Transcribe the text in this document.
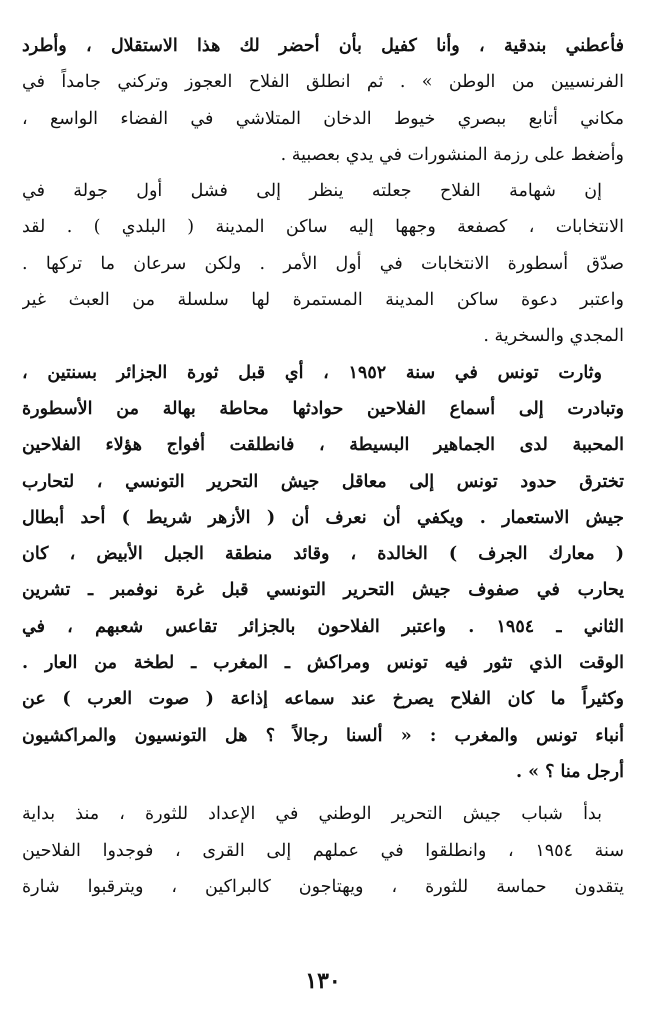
فأعطني بندقية ، وأنا كفيل بأن أحضر لك هذا الاستقلال ، وأطرد
الفرنسيين من الوطن » . ثم انطلق الفلاح العجوز وتركني جامداً في
مكاني أتابع ببصري خيوط الدخان المتلاشي في الفضاء الواسع ،
وأضغط على رزمة المنشورات في يدي بعصبية .
إن شهامة الفلاح جعلته ينظر إلى فشل أول جولة في
الانتخابات ، كصفعة وجهها إليه ساكن المدينة ( البلدي ) . لقد
صدّق أسطورة الانتخابات في أول الأمر . ولكن سرعان ما تركها .
واعتبر دعوة ساكن المدينة المستمرة لها سلسلة من العبث غير
المجدي والسخرية .
وثارت تونس في سنة ١٩٥٢ ، أي قبل ثورة الجزائر بسنتين ،
وتبادرت إلى أسماع الفلاحين حوادثها محاطة بهالة من الأسطورة
المحببة لدى الجماهير البسيطة ، فانطلقت أفواج هؤلاء الفلاحين
تخترق حدود تونس إلى معاقل جيش التحرير التونسي ، لتحارب
جيش الاستعمار . ويكفي أن نعرف أن ( الأزهر شريط ) أحد أبطال
( معارك الجرف ) الخالدة ، وقائد منطقة الجبل الأبيض ، كان
يحارب في صفوف جيش التحرير التونسي قبل غرة نوفمبر ـ تشرين
الثاني ـ ١٩٥٤ . واعتبر الفلاحون بالجزائر تقاعس شعبهم ، في
الوقت الذي تثور فيه تونس ومراكش ـ المغرب ـ لطخة من العار .
وكثيراً ما كان الفلاح يصرخ عند سماعه إذاعة ( صوت العرب ) عن
أنباء تونس والمغرب : « ألسنا رجالاً ؟ هل التونسيون والمراكشيون
أرجل منا ؟ » .
بدأ شباب جيش التحرير الوطني في الإعداد للثورة ، منذ بداية
سنة ١٩٥٤ ، وانطلقوا في عملهم إلى القرى ، فوجدوا الفلاحين
يتقدون حماسة للثورة ، ويهتاجون كالبراكين ، ويترقبوا شارة
١٣٠
